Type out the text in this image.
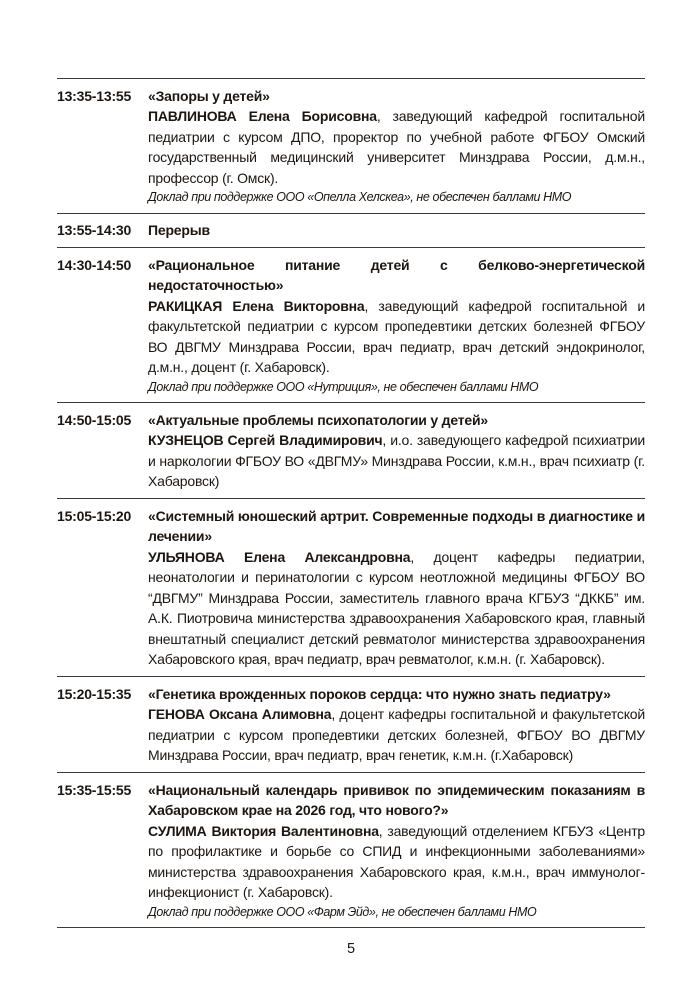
13:35-13:55	«Запоры у детей»

ПАВЛИНОВА Елена Борисовна, заведующий кафедрой госпитальной педиатрии с курсом ДПО, проректор по учебной работе ФГБОУ Омский государственный медицинский университет Минздрава России, д.м.н., профессор (г. Омск).

Доклад при поддержке ООО «Опелла Хелскеа», не обеспечен баллами НМО

13:55-14:30	Перерыв

14:30-14:50	«Рациональное питание детей с белково-энергетической недостаточностью»

РАКИЦКАЯ Елена Викторовна, заведующий кафедрой госпитальной и факультетской педиатрии с курсом пропедевтики детских болезней ФГБОУ ВО ДВГМУ Минздрава России, врач педиатр, врач детский эндокринолог, д.м.н., доцент (г. Хабаровск).

Доклад при поддержке ООО «Нутриция», не обеспечен баллами НМО

14:50-15:05	«Актуальные проблемы психопатологии у детей»

КУЗНЕЦОВ Сергей Владимирович, и.о. заведующего кафедрой психиатрии и наркологии ФГБОУ ВО «ДВГМУ» Минздрава России, к.м.н., врач психиатр (г. Хабаровск)

15:05-15:20	«Системный юношеский артрит. Современные подходы в диагностике и лечении»

УЛЬЯНОВА Елена Александровна, доцент кафедры педиатрии, неонатологии и перинатологии с курсом неотложной медицины ФГБОУ ВО “ДВГМУ” Минздрава России, заместитель главного врача КГБУЗ “ДККБ” им. А.К. Пиотровича министерства здравоохранения Хабаровского края, главный внештатный специалист детский ревматолог министерства здравоохранения Хабаровского края, врач педиатр, врач ревматолог, к.м.н. (г. Хабаровск).

15:20-15:35	«Генетика врожденных пороков сердца: что нужно знать педиатру»

ГЕНОВА Оксана Алимовна, доцент кафедры госпитальной и факультетской педиатрии с курсом пропедевтики детских болезней, ФГБОУ ВО ДВГМУ Минздрава России, врач педиатр, врач генетик, к.м.н. (г.Хабаровск)

15:35-15:55	«Национальный календарь прививок по эпидемическим показаниям в Хабаровском крае на 2026 год, что нового?»

СУЛИМА Виктория Валентиновна, заведующий отделением КГБУЗ «Центр по профилактике и борьбе со СПИД и инфекционными заболеваниями» министерства здравоохранения Хабаровского края, к.м.н., врач иммунолог-инфекционист (г. Хабаровск).

Доклад при поддержке ООО «Фарм Эйд», не обеспечен баллами НМО

5
